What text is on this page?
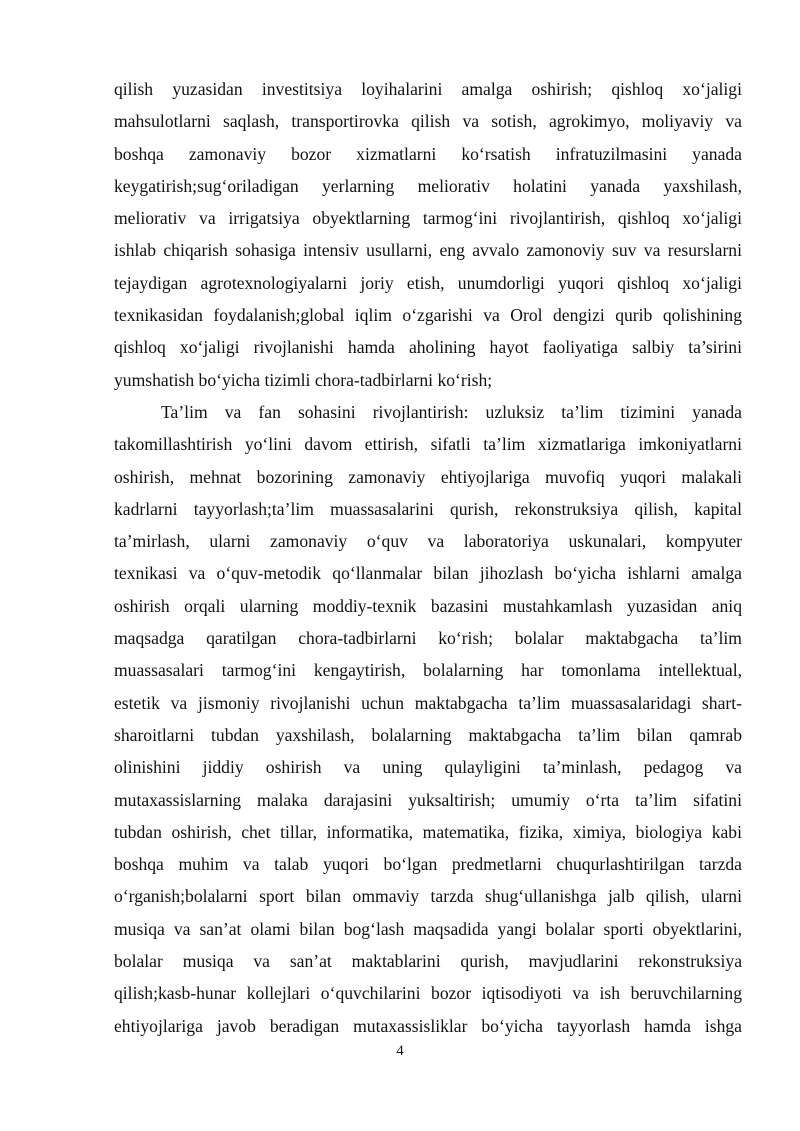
qilish yuzasidan investitsiya loyihalarini amalga oshirish; qishloq xo‘jaligi
mahsulotlarni saqlash, transportirovka qilish va sotish, agrokimyo, moliyaviy va
boshqa zamonaviy bozor xizmatlarni ko‘rsatish infratuzilmasini yanada
keygatirish;sug‘oriladigan yerlarning meliorativ holatini yanada yaxshilash,
meliorativ va irrigatsiya obyektlarning tarmog‘ini rivojlantirish, qishloq xo‘jaligi
ishlab chiqarish sohasiga intensiv usullarni, eng avvalo zamonoviy suv va resurslarni
tejaydigan agrotexnologiyalarni joriy etish, unumdorligi yuqori qishloq xo‘jaligi
texnikasidan foydalanish;global iqlim o‘zgarishi va Orol dengizi qurib qolishining
qishloq xo‘jaligi rivojlanishi hamda aholining hayot faoliyatiga salbiy ta’sirini
yumshatish bo‘yicha tizimli chora-tadbirlarni ko‘rish;
Ta’lim va fan sohasini rivojlantirish: uzluksiz ta’lim tizimini yanada
takomillashtirish yo‘lini davom ettirish, sifatli ta’lim xizmatlariga imkoniyatlarni
oshirish, mehnat bozorining zamonaviy ehtiyojlariga muvofiq yuqori malakali
kadrlarni tayyorlash;ta’lim muassasalarini qurish, rekonstruksiya qilish, kapital
ta’mirlash, ularni zamonaviy o‘quv va laboratoriya uskunalari, kompyuter
texnikasi va o‘quv-metodik qo‘llanmalar bilan jihozlash bo‘yicha ishlarni amalga
oshirish orqali ularning moddiy-texnik bazasini mustahkamlash yuzasidan aniq
maqsadga qaratilgan chora-tadbirlarni ko‘rish; bolalar maktabgacha ta’lim
muassasalari tarmog‘ini kengaytirish, bolalarning har tomonlama intellektual,
estetik va jismoniy rivojlanishi uchun maktabgacha ta’lim muassasalaridagi shart-
sharoitlarni tubdan yaxshilash, bolalarning maktabgacha ta’lim bilan qamrab
olinishini jiddiy oshirish va uning qulayligini ta’minlash, pedagog va
mutaxassislarning malaka darajasini yuksaltirish; umumiy o‘rta ta’lim sifatini
tubdan oshirish, chet tillar, informatika, matematika, fizika, ximiya, biologiya kabi
boshqa muhim va talab yuqori bo‘lgan predmetlarni chuqurlashtirilgan tarzda
o‘rganish;bolalarni sport bilan ommaviy tarzda shug‘ullanishga jalb qilish, ularni
musiqa va san’at olami bilan bog‘lash maqsadida yangi bolalar sporti obyektlarini,
bolalar musiqa va san’at maktablarini qurish, mavjudlarini rekonstruksiya
qilish;kasb-hunar kollejlari o‘quvchilarini bozor iqtisodiyoti va ish beruvchilarning
ehtiyojlariga javob beradigan mutaxassisliklar bo‘yicha tayyorlash hamda ishga
4
